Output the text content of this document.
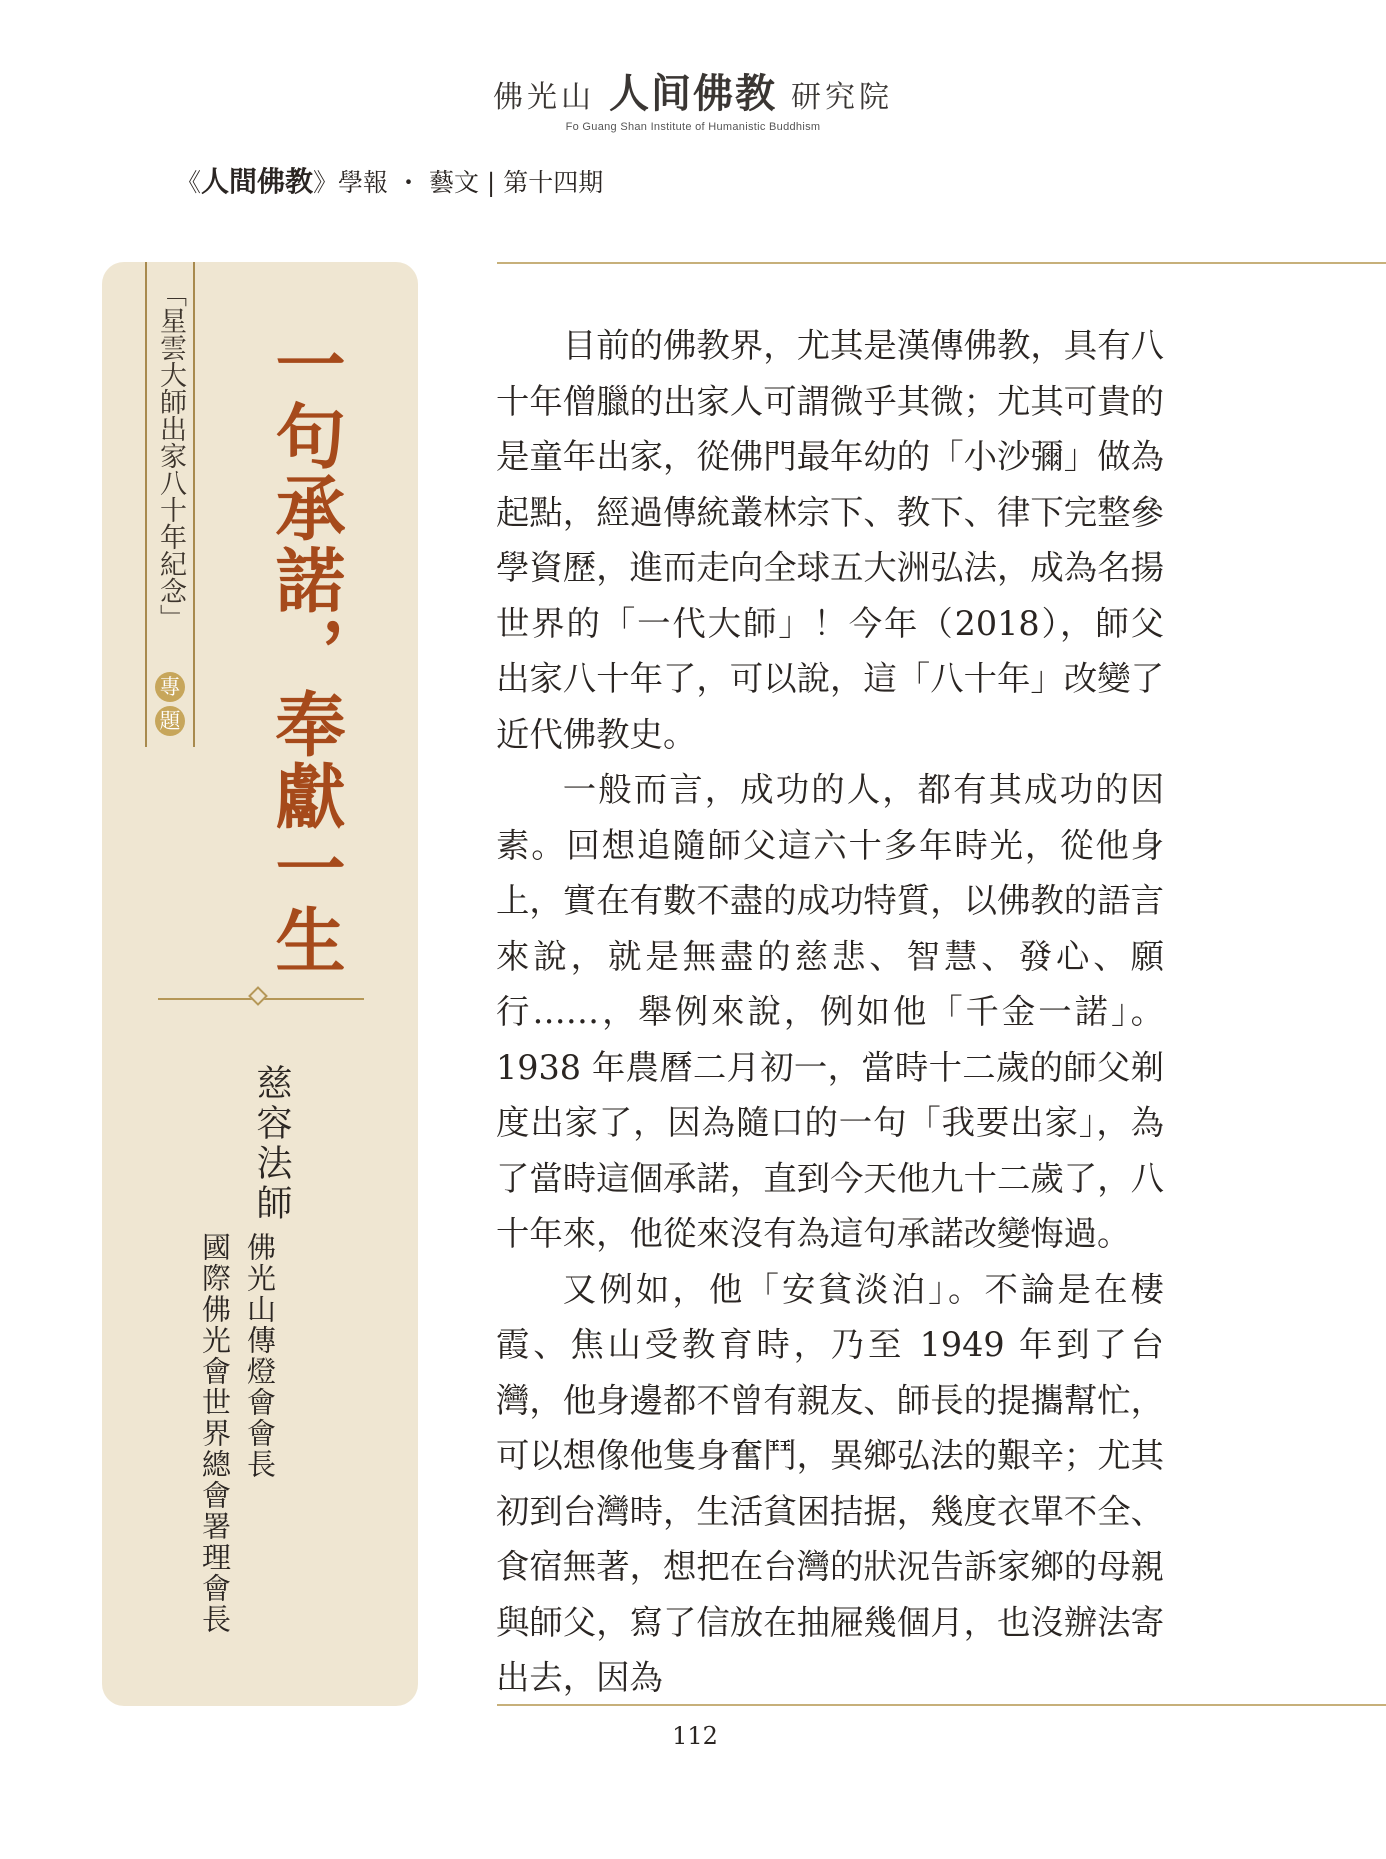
佛光山 人间佛教 研究院
Fo Guang Shan Institute of Humanistic Buddhism
《人間佛教》學報 ・ 藝文 | 第十四期
「星雲大師出家八十年紀念」
專
題 一句承諾，奉獻一生
慈容法師
佛光山傳燈會會長
國際佛光會世界總會署理會長

目前的佛教界，尤其是漢傳佛教，具有八十年僧臘的出家人可謂微乎其微；尤其可貴的是童年出家，從佛門最年幼的「小沙彌」做為起點，經過傳統叢林宗下、教下、律下完整參學資歷，進而走向全球五大洲弘法，成為名揚世界的「一代大師」！今年（2018），師父出家八十年了，可以說，這「八十年」改變了近代佛教史。

一般而言，成功的人，都有其成功的因素。回想追隨師父這六十多年時光，從他身上，實在有數不盡的成功特質，以佛教的語言來說，就是無盡的慈悲、智慧、發心、願行……，舉例來說，例如他「千金一諾」。1938 年農曆二月初一，當時十二歲的師父剃度出家了，因為隨口的一句「我要出家」，為了當時這個承諾，直到今天他九十二歲了，八十年來，他從來沒有為這句承諾改變悔過。

又例如，他「安貧淡泊」。不論是在棲霞、焦山受教育時，乃至 1949 年到了台灣，他身邊都不曾有親友、師長的提攜幫忙，可以想像他隻身奮鬥，異鄉弘法的艱辛；尤其初到台灣時，生活貧困拮据，幾度衣單不全、食宿無著，想把在台灣的狀況告訴家鄉的母親與師父，寫了信放在抽屜幾個月，也沒辦法寄出去，因為

112
